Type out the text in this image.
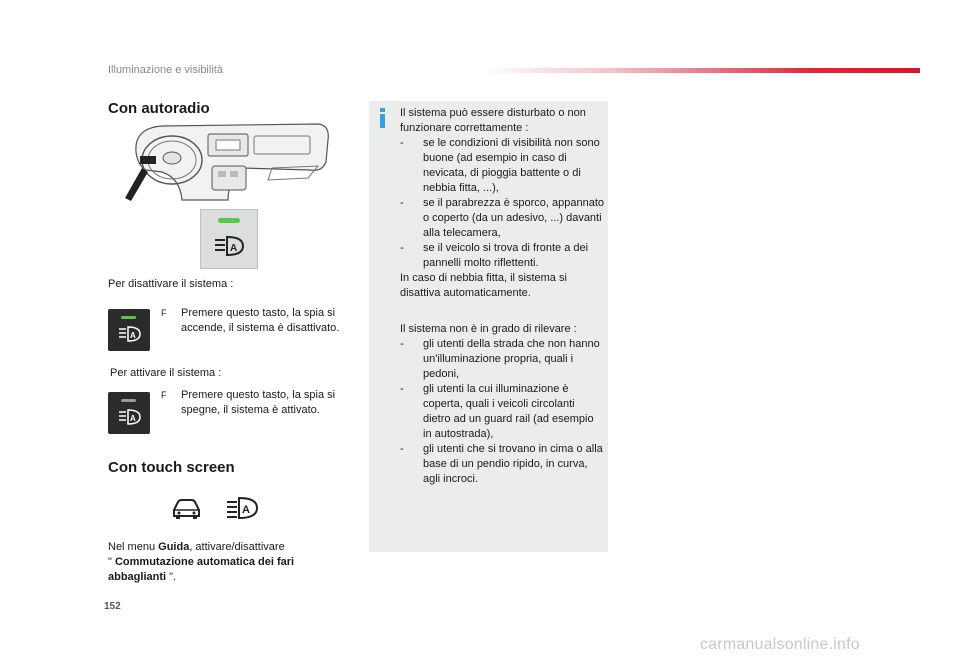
Illuminazione e visibilità
Con autoradio
A
Per disattivare il sistema :
A
F Premere questo tasto, la spia si accende, il sistema è disattivato.
Per attivare il sistema :
A
F Premere questo tasto, la spia si spegne, il sistema è attivato.
Con touch screen
A
Nel menu Guida, attivare/disattivare
" Commutazione automatica dei fari abbaglianti ".
Il sistema può essere disturbato o non funzionare correttamente :
- se le condizioni di visibilità non sono buone (ad esempio in caso di nevicata, di pioggia battente o di nebbia fitta, ...),
- se il parabrezza è sporco, appannato o coperto (da un adesivo, ...) davanti alla telecamera,
- se il veicolo si trova di fronte a dei pannelli molto riflettenti.
In caso di nebbia fitta, il sistema si disattiva automaticamente.
Il sistema non è in grado di rilevare :
- gli utenti della strada che non hanno un'illuminazione propria, quali i pedoni,
- gli utenti la cui illuminazione è coperta, quali i veicoli circolanti dietro ad un guard rail (ad esempio in autostrada),
- gli utenti che si trovano in cima o alla base di un pendio ripido, in curva, agli incroci.
152
carmanualsonline.info
